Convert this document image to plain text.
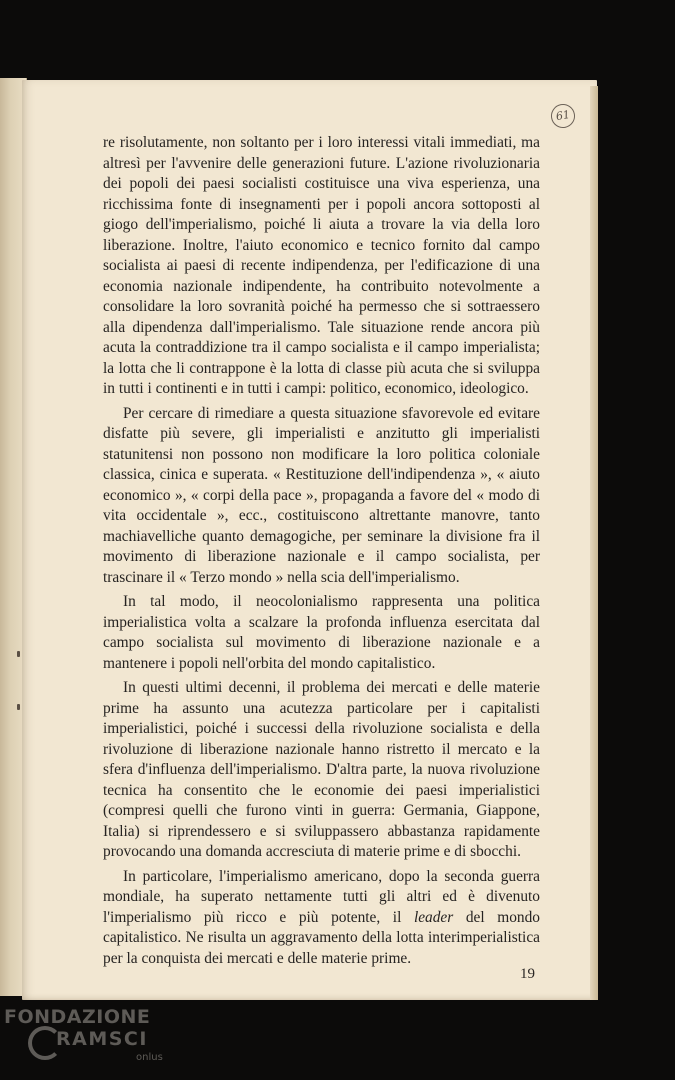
61

re risolutamente, non soltanto per i loro interessi vitali immediati, ma altresì per l'avvenire delle generazioni future. L'azione rivoluzionaria dei popoli dei paesi socialisti costituisce una viva esperienza, una ricchissima fonte di insegnamenti per i popoli ancora sottoposti al giogo dell'imperialismo, poiché li aiuta a trovare la via della loro liberazione. Inoltre, l'aiuto economico e tecnico fornito dal campo socialista ai paesi di recente indipendenza, per l'edificazione di una economia nazionale indipendente, ha contribuito notevolmente a consolidare la loro sovranità poiché ha permesso che si sottraessero alla dipendenza dall'imperialismo. Tale situazione rende ancora più acuta la contraddizione tra il campo socialista e il campo imperialista; la lotta che li contrappone è la lotta di classe più acuta che si sviluppa in tutti i continenti e in tutti i campi: politico, economico, ideologico.

Per cercare di rimediare a questa situazione sfavorevole ed evitare disfatte più severe, gli imperialisti e anzitutto gli imperialisti statunitensi non possono non modificare la loro politica coloniale classica, cinica e superata. « Restituzione dell'indipendenza », « aiuto economico », « corpi della pace », propaganda a favore del « modo di vita occidentale », ecc., costituiscono altrettante manovre, tanto machiavelliche quanto demagogiche, per seminare la divisione fra il movimento di liberazione nazionale e il campo socialista, per trascinare il « Terzo mondo » nella scia dell'imperialismo.

In tal modo, il neocolonialismo rappresenta una politica imperialistica volta a scalzare la profonda influenza esercitata dal campo socialista sul movimento di liberazione nazionale e a mantenere i popoli nell'orbita del mondo capitalistico.

In questi ultimi decenni, il problema dei mercati e delle materie prime ha assunto una acutezza particolare per i capitalisti imperialistici, poiché i successi della rivoluzione socialista e della rivoluzione di liberazione nazionale hanno ristretto il mercato e la sfera d'influenza dell'imperialismo. D'altra parte, la nuova rivoluzione tecnica ha consentito che le economie dei paesi imperialistici (compresi quelli che furono vinti in guerra: Germania, Giappone, Italia) si riprendessero e si sviluppassero abbastanza rapidamente provocando una domanda accresciuta di materie prime e di sbocchi.

In particolare, l'imperialismo americano, dopo la seconda guerra mondiale, ha superato nettamente tutti gli altri ed è divenuto l'imperialismo più ricco e più potente, il leader del mondo capitalistico. Ne risulta un aggravamento della lotta interimperialistica per la conquista dei mercati e delle materie prime.

19
FONDAZIONE
RAMSCI
onlus
